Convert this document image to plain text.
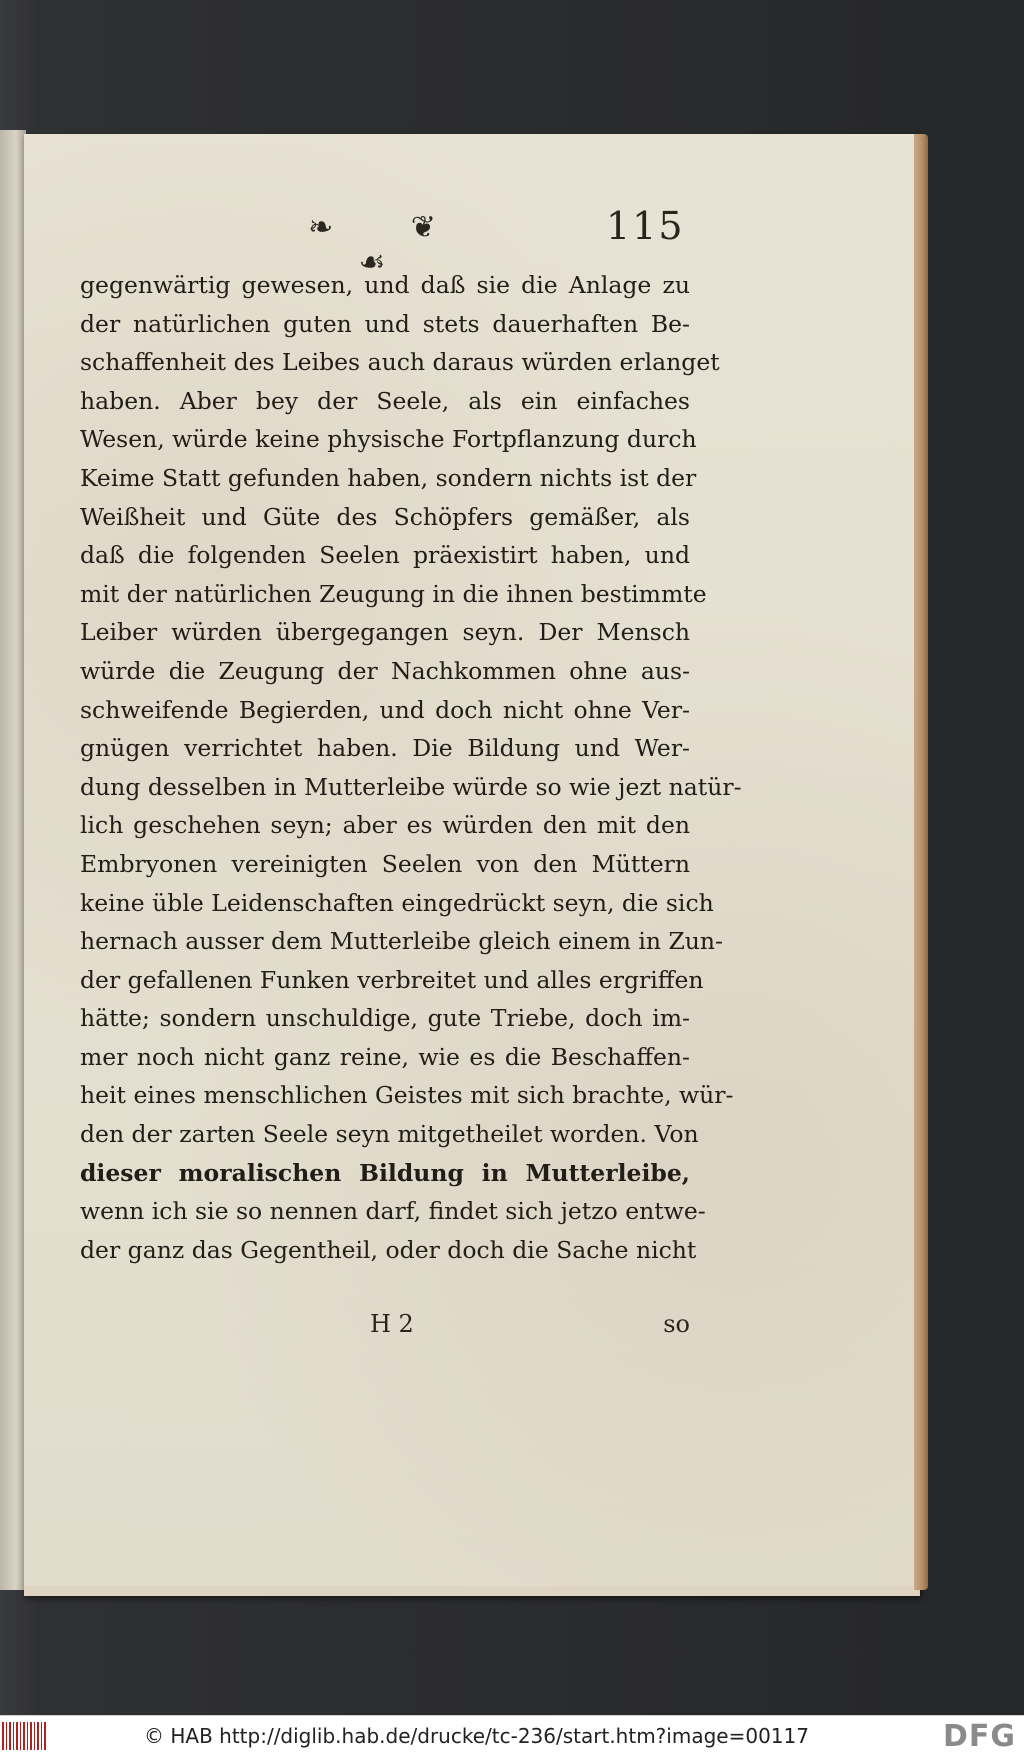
❧ ❦ ☙
115
gegenwärtig gewesen, und daß sie die Anlage zu
der natürlichen guten und stets dauerhaften Be-
schaffenheit des Leibes auch daraus würden erlanget
haben. Aber bey der Seele, als ein einfaches
Wesen, würde keine physische Fortpflanzung durch
Keime Statt gefunden haben, sondern nichts ist der
Weißheit und Güte des Schöpfers gemäßer, als
daß die folgenden Seelen präexistirt haben, und
mit der natürlichen Zeugung in die ihnen bestimmte
Leiber würden übergegangen seyn. Der Mensch
würde die Zeugung der Nachkommen ohne aus-
schweifende Begierden, und doch nicht ohne Ver-
gnügen verrichtet haben. Die Bildung und Wer-
dung desselben in Mutterleibe würde so wie jezt natür-
lich geschehen seyn; aber es würden den mit den
Embryonen vereinigten Seelen von den Müttern
keine üble Leidenschaften eingedrückt seyn, die sich
hernach ausser dem Mutterleibe gleich einem in Zun-
der gefallenen Funken verbreitet und alles ergriffen
hätte; sondern unschuldige, gute Triebe, doch im-
mer noch nicht ganz reine, wie es die Beschaffen-
heit eines menschlichen Geistes mit sich brachte, wür-
den der zarten Seele seyn mitgetheilet worden. Von
dieser moralischen Bildung in Mutterleibe,
wenn ich sie so nennen darf, findet sich jetzo entwe-
der ganz das Gegentheil, oder doch die Sache nicht
H 2	so
© HAB http://diglib.hab.de/drucke/tc-236/start.htm?image=00117	DFG
